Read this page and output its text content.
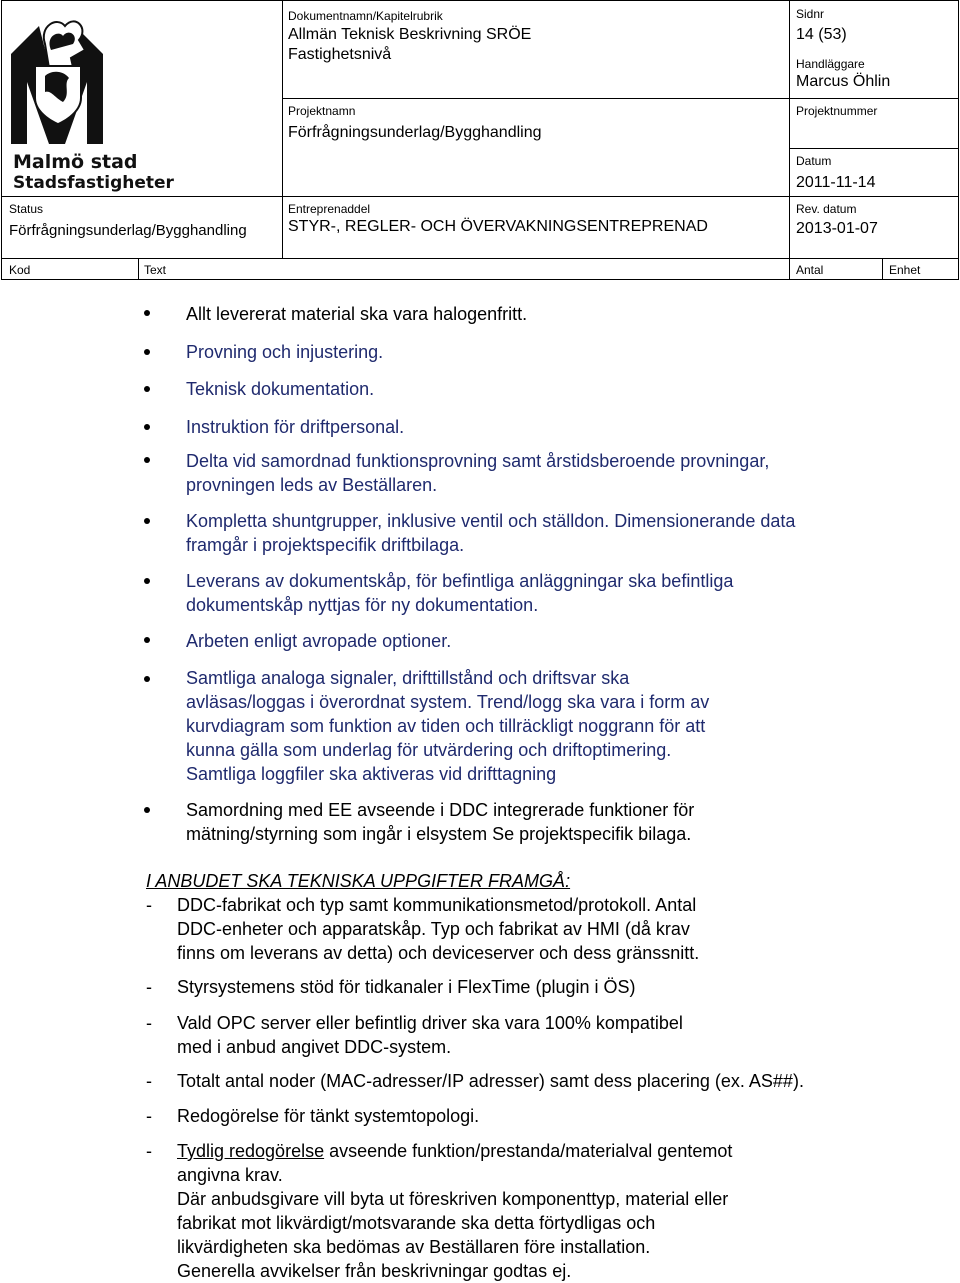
Malmö stad
Stadsfastigheter
Dokumentnamn/Kapitelrubrik
Allmän Teknisk Beskrivning SRÖE
Fastighetsnivå
Projektnamn
Förfrågningsunderlag/Bygghandling
Entreprenaddel
STYR-, REGLER- OCH ÖVERVAKNINGSENTREPRENAD
Sidnr
14 (53)
Handläggare
Marcus Öhlin
Projektnummer
Datum
2011-11-14
Rev. datum
2013-01-07
Status
Förfrågningsunderlag/Bygghandling
Kod	Text	Antal	Enhet
Allt levererat material ska vara halogenfritt.
Provning och injustering.
Teknisk dokumentation.
Instruktion för driftpersonal.
Delta vid samordnad funktionsprovning samt årstidsberoende provningar,
provningen leds av Beställaren.
Kompletta shuntgrupper, inklusive ventil och ställdon. Dimensionerande data
framgår i projektspecifik driftbilaga.
Leverans av dokumentskåp, för befintliga anläggningar ska befintliga
dokumentskåp nyttjas för ny dokumentation.
Arbeten enligt avropade optioner.
Samtliga analoga signaler, drifttillstånd och driftsvar ska
avläsas/loggas i överordnat system. Trend/logg ska vara i form av
kurvdiagram som funktion av tiden och tillräckligt noggrann för att
kunna gälla som underlag för utvärdering och driftoptimering.
Samtliga loggfiler ska aktiveras vid drifttagning
Samordning med EE avseende i DDC integrerade funktioner för
mätning/styrning som ingår i elsystem Se projektspecifik bilaga.
I ANBUDET SKA TEKNISKA UPPGIFTER FRAMGÅ:
- DDC-fabrikat och typ samt kommunikationsmetod/protokoll. Antal
DDC-enheter och apparatskåp. Typ och fabrikat av HMI (då krav
finns om leverans av detta) och deviceserver och dess gränssnitt.
- Styrsystemens stöd för tidkanaler i FlexTime (plugin i ÖS)
- Vald OPC server eller befintlig driver ska vara 100% kompatibel
med i anbud angivet DDC-system.
- Totalt antal noder (MAC-adresser/IP adresser) samt dess placering (ex. AS##).
- Redogörelse för tänkt systemtopologi.
- Tydlig redogörelse avseende funktion/prestanda/materialval gentemot
angivna krav.
Där anbudsgivare vill byta ut föreskriven komponenttyp, material eller
fabrikat mot likvärdigt/motsvarande ska detta förtydligas och
likvärdigheten ska bedömas av Beställaren före installation.
Generella avvikelser från beskrivningar godtas ej.
